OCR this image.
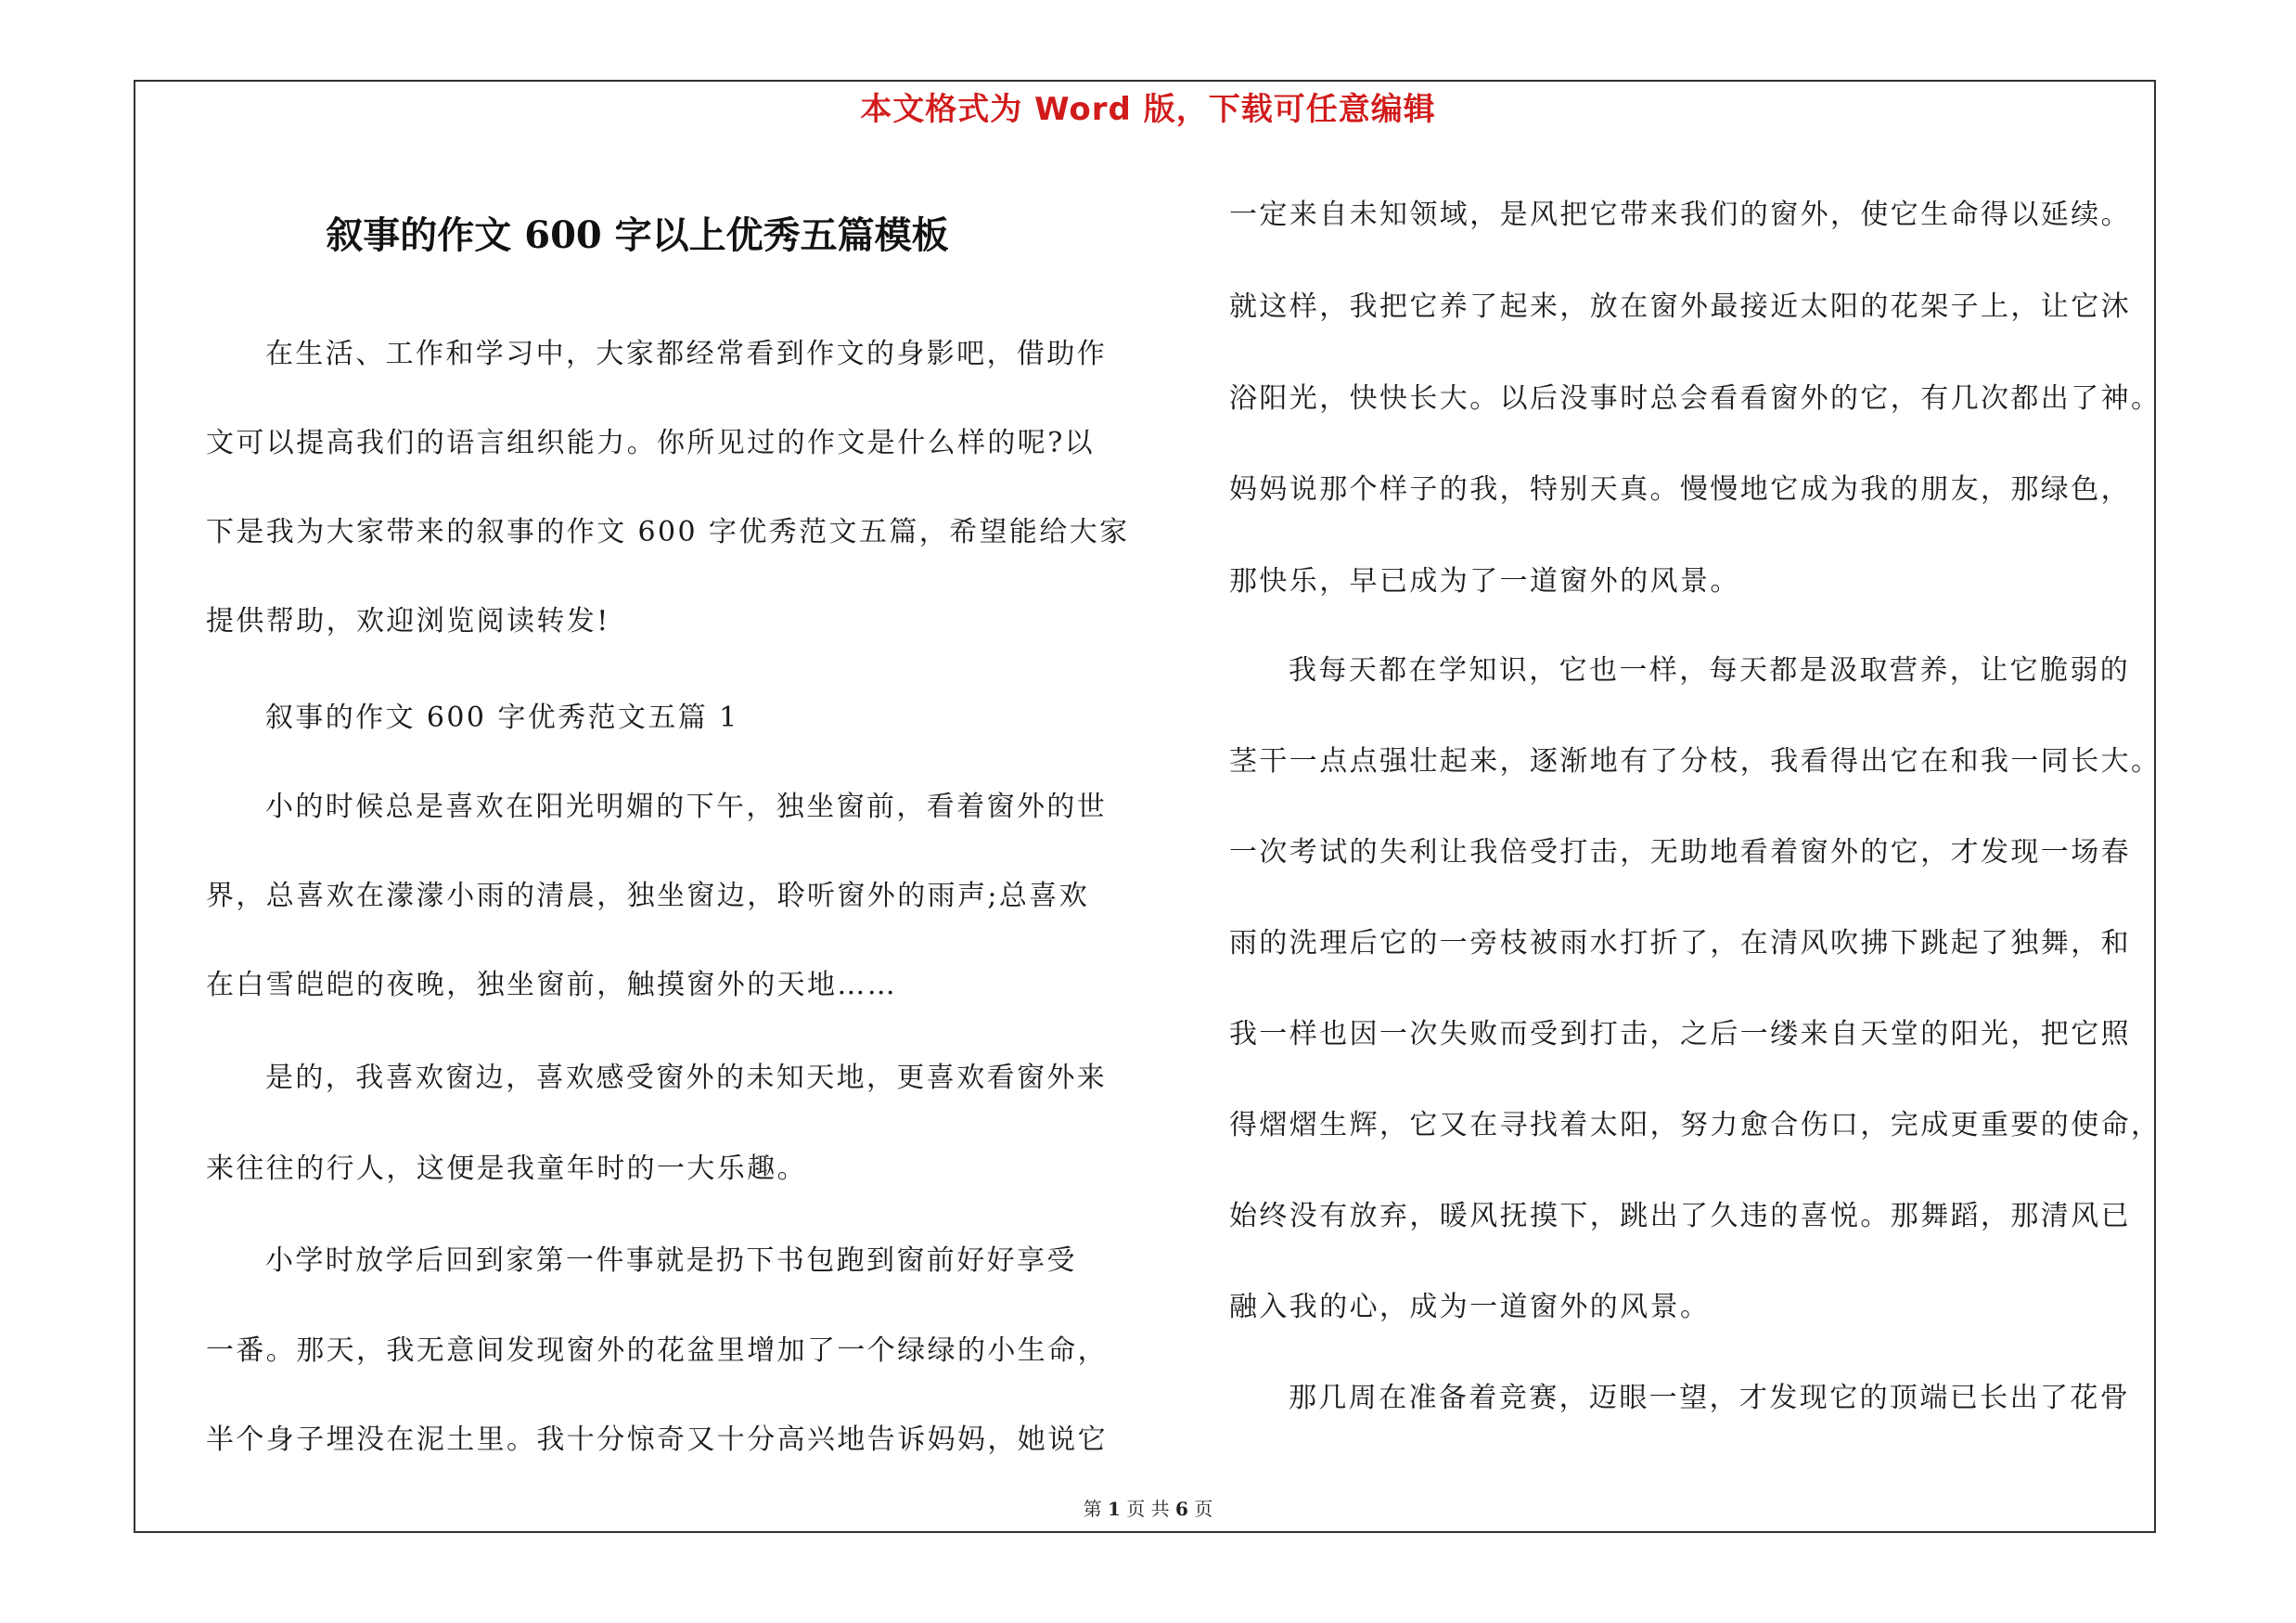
本文格式为 Word 版，下载可任意编辑
叙事的作文 600 字以上优秀五篇模板
在生活、工作和学习中，大家都经常看到作文的身影吧，借助作
文可以提高我们的语言组织能力。你所见过的作文是什么样的呢?以
下是我为大家带来的叙事的作文 600 字优秀范文五篇，希望能给大家
提供帮助，欢迎浏览阅读转发!
叙事的作文 600 字优秀范文五篇 1
小的时候总是喜欢在阳光明媚的下午，独坐窗前，看着窗外的世
界，总喜欢在濛濛小雨的清晨，独坐窗边，聆听窗外的雨声;总喜欢
在白雪皑皑的夜晚，独坐窗前，触摸窗外的天地……
是的，我喜欢窗边，喜欢感受窗外的未知天地，更喜欢看窗外来
来往往的行人，这便是我童年时的一大乐趣。
小学时放学后回到家第一件事就是扔下书包跑到窗前好好享受
一番。那天，我无意间发现窗外的花盆里增加了一个绿绿的小生命，
半个身子埋没在泥土里。我十分惊奇又十分高兴地告诉妈妈，她说它
一定来自未知领域，是风把它带来我们的窗外，使它生命得以延续。
就这样，我把它养了起来，放在窗外最接近太阳的花架子上，让它沐
浴阳光，快快长大。以后没事时总会看看窗外的它，有几次都出了神。
妈妈说那个样子的我，特别天真。慢慢地它成为我的朋友，那绿色，
那快乐，早已成为了一道窗外的风景。
我每天都在学知识，它也一样，每天都是汲取营养，让它脆弱的
茎干一点点强壮起来，逐渐地有了分枝，我看得出它在和我一同长大。
一次考试的失利让我倍受打击，无助地看着窗外的它，才发现一场春
雨的洗理后它的一旁枝被雨水打折了，在清风吹拂下跳起了独舞，和
我一样也因一次失败而受到打击，之后一缕来自天堂的阳光，把它照
得熠熠生辉，它又在寻找着太阳，努力愈合伤口，完成更重要的使命，
始终没有放弃，暖风抚摸下，跳出了久违的喜悦。那舞蹈，那清风已
融入我的心，成为一道窗外的风景。
那几周在准备着竞赛，迈眼一望，才发现它的顶端已长出了花骨
第 1 页 共 6 页
